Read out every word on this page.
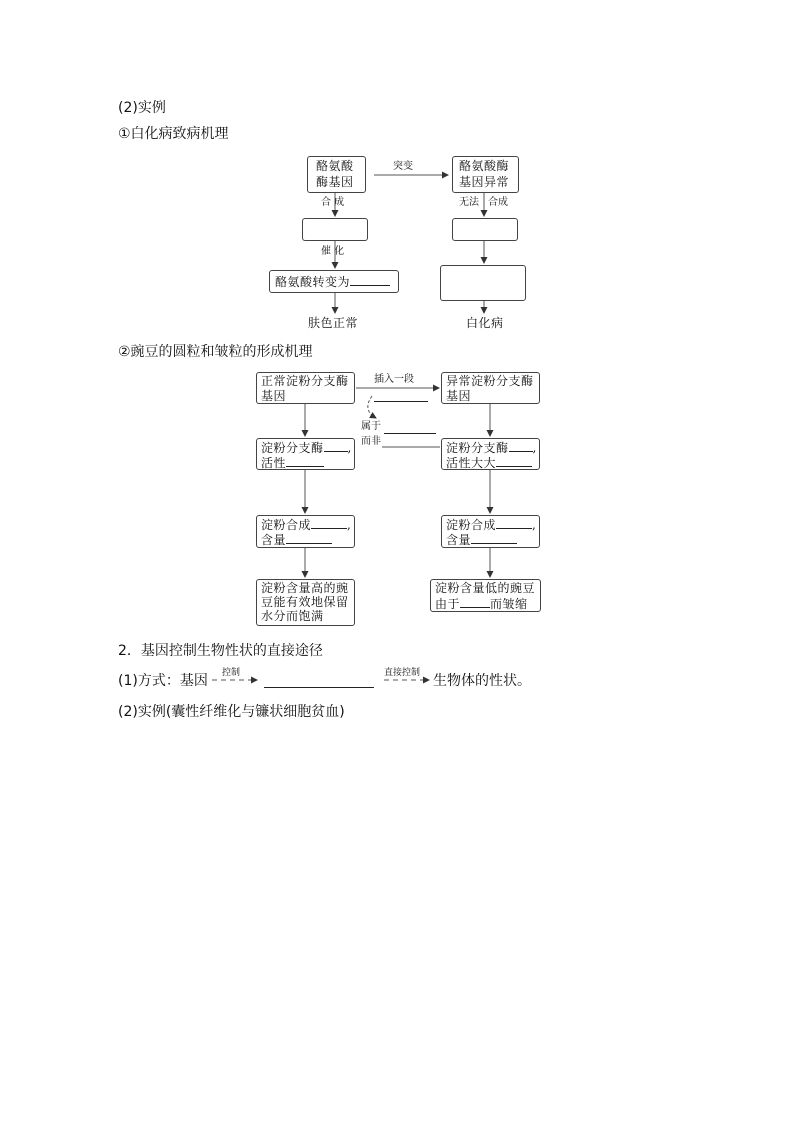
(2)实例
①白化病致病机理
酪氨酸
酶基因
突变	酪氨酸酶
基因异常
合 成	无法 合成
催 化
酪氨酸转变为
肤色正常	白化病
②豌豆的圆粒和皱粒的形成机理
正常淀粉分支酶
基因
插入一段	异常淀粉分支酶
基因
属于
而非
淀粉分支酶 ,
活性
淀粉分支酶 ,
活性大大
淀粉合成	,
含量
淀粉合成	,
含量
淀粉含量高的豌
豆能有效地保留
水分而饱满
淀粉含量低的豌豆
由于	而皱缩
2．基因控制生物性状的直接途径
(1)方式：基因 控制	直接控制 生物体的性状。
(2)实例(囊性纤维化与镰状细胞贫血)
